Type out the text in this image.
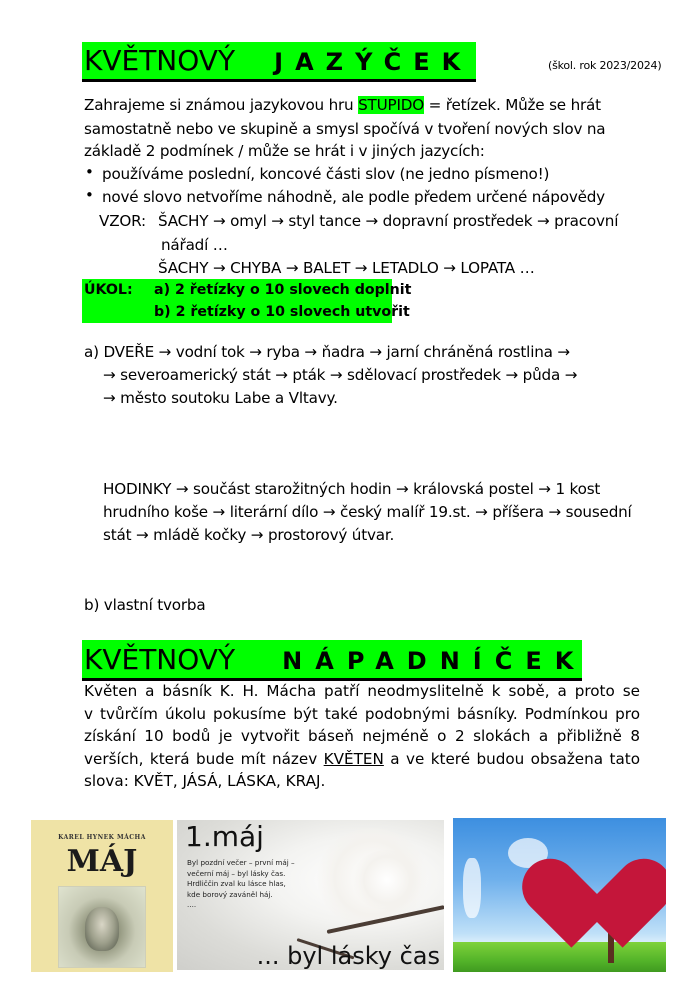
KVĚTNOVÝ JAZÝČEK	(škol. rok 2023/2024)
Zahrajeme si známou jazykovou hru STUPIDO = řetízek. Může se hrát
samostatně nebo ve skupině a smysl spočívá v tvoření nových slov na
základě 2 podmínek / může se hrát i v jiných jazycích:
• používáme poslední, koncové části slov (ne jedno písmeno!)
• nové slovo netvoříme náhodně, ale podle předem určené nápovědy
VZOR: ŠACHY → omyl → styl tance → dopravní prostředek → pracovní
nářadí …
ŠACHY → CHYBA → BALET → LETADLO → LOPATA …
ÚKOL: a) 2 řetízky o 10 slovech doplnit
b) 2 řetízky o 10 slovech utvořit
a) DVEŘE → vodní tok → ryba → ňadra → jarní chráněná rostlina →
→ severoamerický stát → pták → sdělovací prostředek → půda →
→ město soutoku Labe a Vltavy.
HODINKY → součást starožitných hodin → královská postel → 1 kost
hrudního koše → literární dílo → český malíř 19.st. → příšera → sousední
stát → mládě kočky → prostorový útvar.
b) vlastní tvorba
KVĚTNOVÝ NÁPADNÍČEK
Květen a básník K. H. Mácha patří neodmyslitelně k sobě, a proto se
v tvůrčím úkolu pokusíme být také podobnými básníky. Podmínkou pro
získání 10 bodů je vytvořit báseň nejméně o 2 slokách a přibližně 8
verších, která bude mít název KVĚTEN a ve které budou obsažena tato
slova: KVĚT, JÁSÁ, LÁSKA, KRAJ.
KAREL HYNEK MÁCHA
MÁJ
1.máj
Byl pozdní večer – první máj –
večerní máj – byl lásky čas.
Hrdliččin zval ku lásce hlas,
kde borový zaváněl háj.
....
... byl lásky čas
